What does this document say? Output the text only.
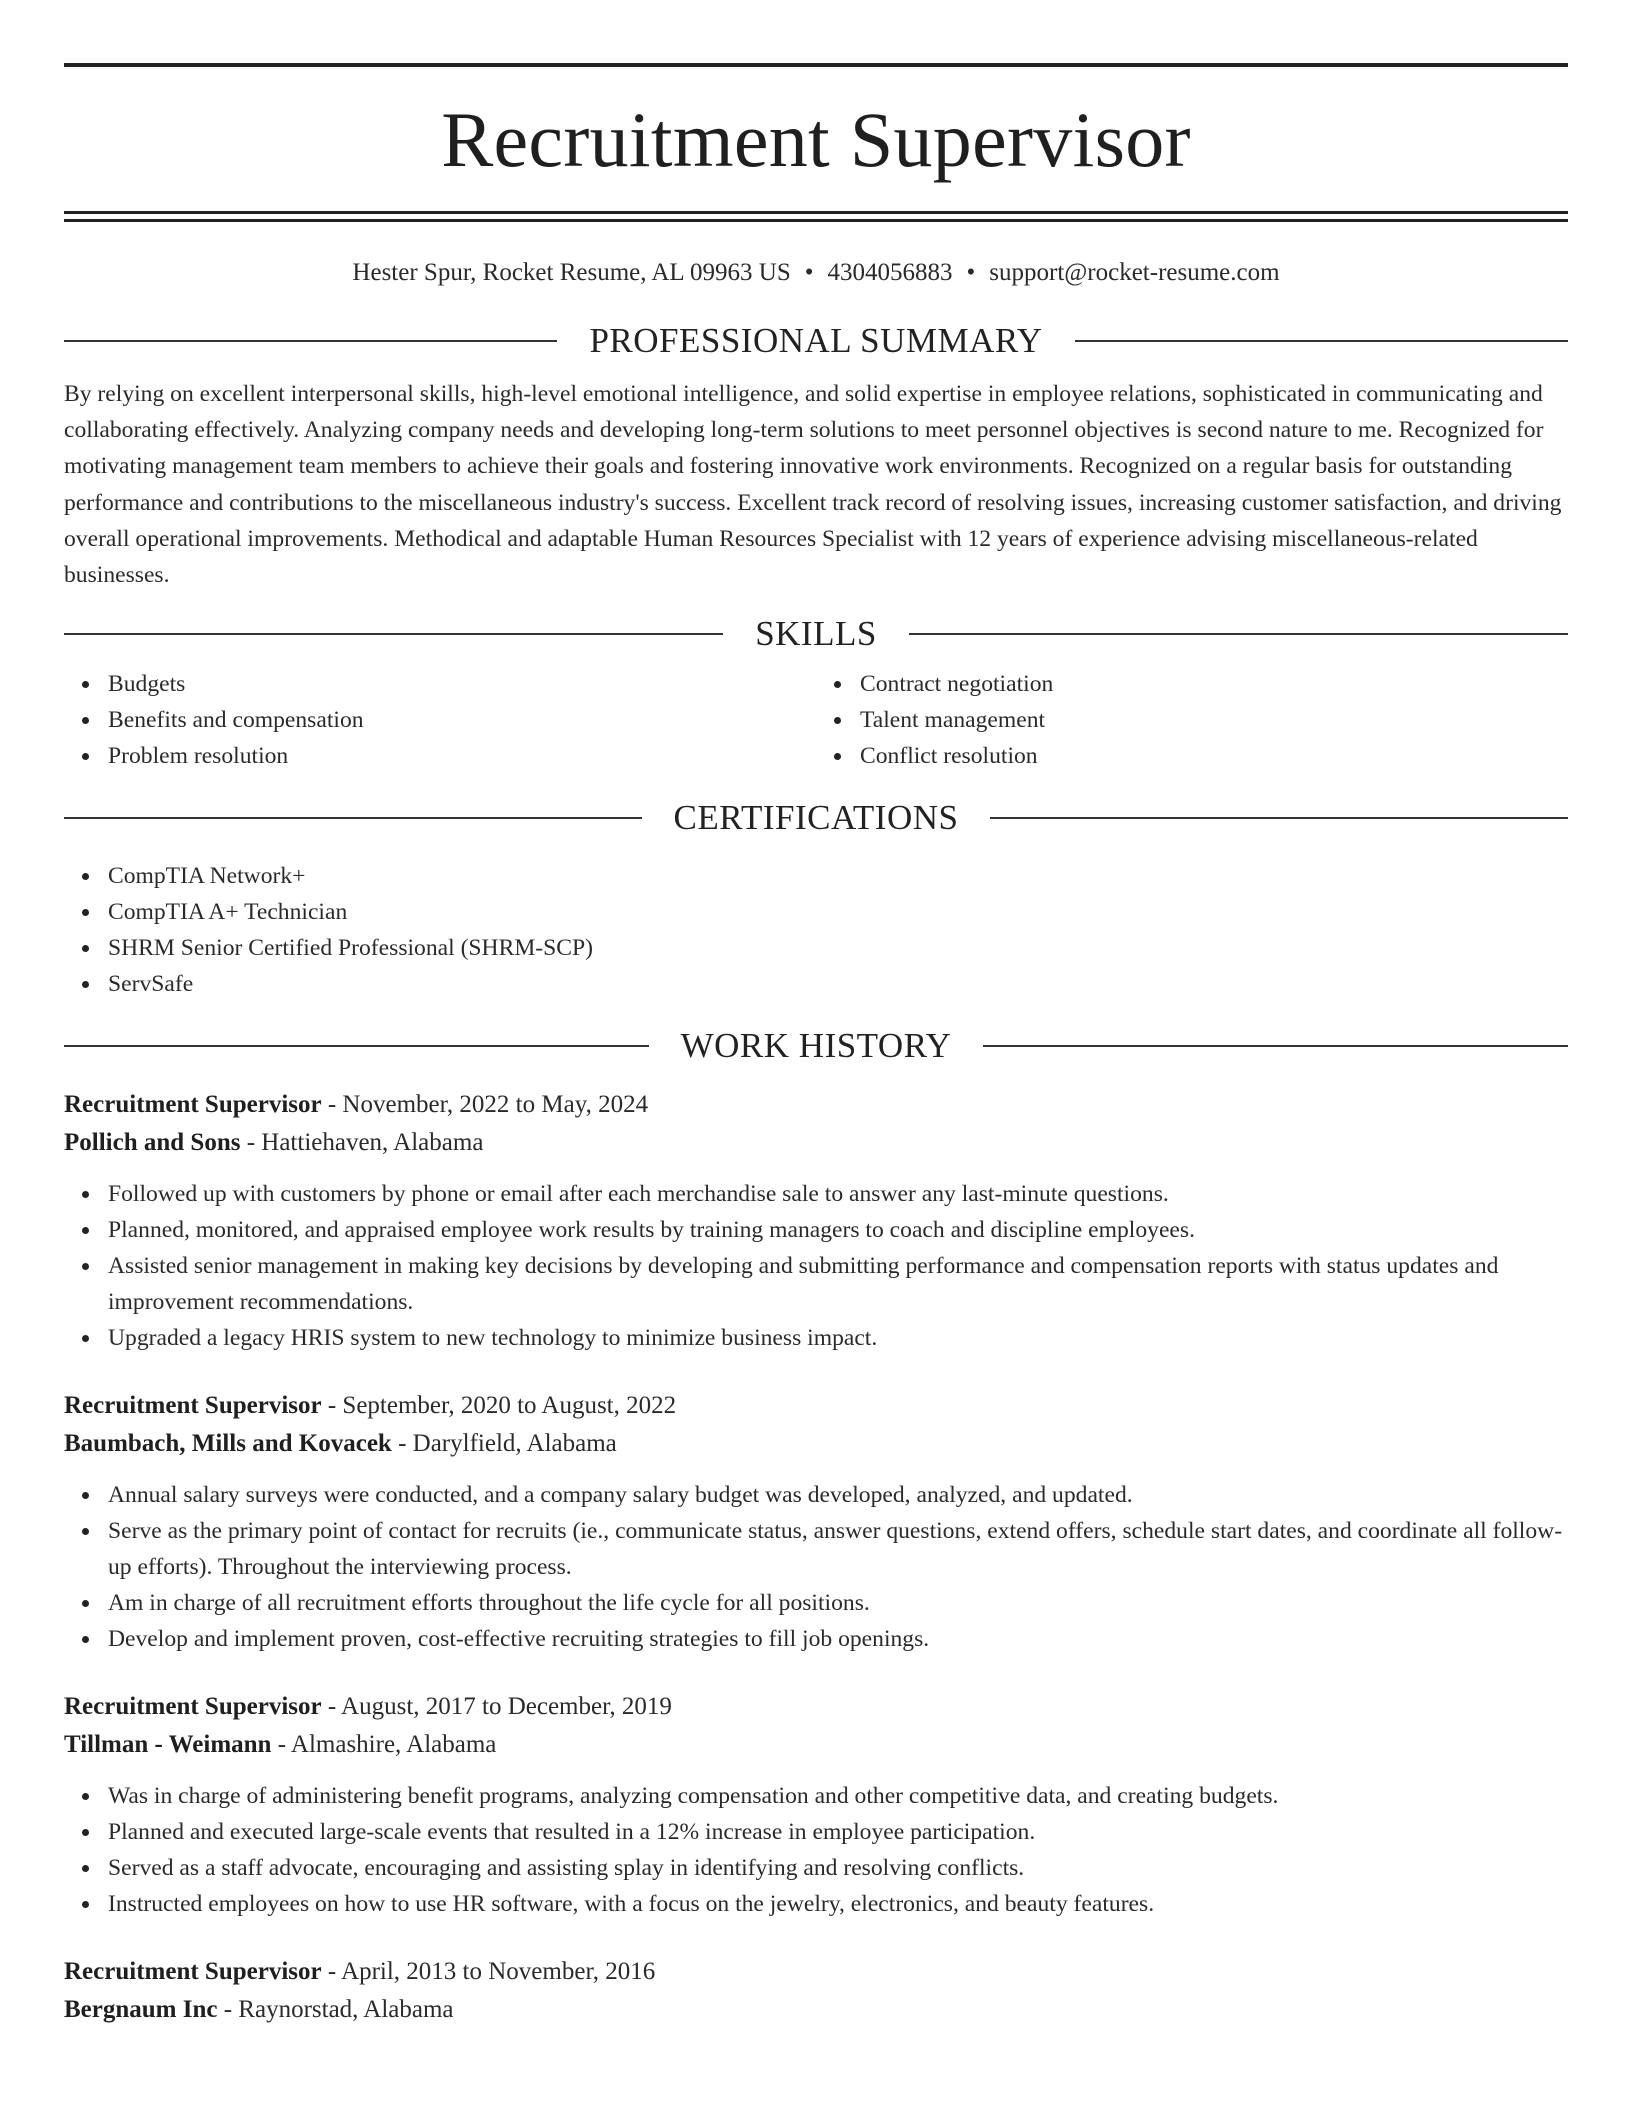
Recruitment Supervisor
Hester Spur, Rocket Resume, AL 09963 US • 4304056883 • support@rocket-resume.com
PROFESSIONAL SUMMARY

By relying on excellent interpersonal skills, high-level emotional intelligence, and solid expertise in employee relations, sophisticated in communicating and collaborating effectively. Analyzing company needs and developing long-term solutions to meet personnel objectives is second nature to me. Recognized for motivating management team members to achieve their goals and fostering innovative work environments. Recognized on a regular basis for outstanding performance and contributions to the miscellaneous industry's success. Excellent track record of resolving issues, increasing customer satisfaction, and driving overall operational improvements. Methodical and adaptable Human Resources Specialist with 12 years of experience advising miscellaneous-related businesses.

SKILLS
Budgets
Benefits and compensation
Problem resolution
Contract negotiation
Talent management
Conflict resolution
CERTIFICATIONS
CompTIA Network+
CompTIA A+ Technician
SHRM Senior Certified Professional (SHRM-SCP)
ServSafe
WORK HISTORY
Recruitment Supervisor - November, 2022 to May, 2024
Pollich and Sons - Hattiehaven, Alabama
Followed up with customers by phone or email after each merchandise sale to answer any last-minute questions.
Planned, monitored, and appraised employee work results by training managers to coach and discipline employees.
Assisted senior management in making key decisions by developing and submitting performance and compensation reports with status updates and improvement recommendations.
Upgraded a legacy HRIS system to new technology to minimize business impact.
Recruitment Supervisor - September, 2020 to August, 2022
Baumbach, Mills and Kovacek - Darylfield, Alabama
Annual salary surveys were conducted, and a company salary budget was developed, analyzed, and updated.
Serve as the primary point of contact for recruits (ie., communicate status, answer questions, extend offers, schedule start dates, and coordinate all follow-up efforts). Throughout the interviewing process.
Am in charge of all recruitment efforts throughout the life cycle for all positions.
Develop and implement proven, cost-effective recruiting strategies to fill job openings.
Recruitment Supervisor - August, 2017 to December, 2019
Tillman - Weimann - Almashire, Alabama
Was in charge of administering benefit programs, analyzing compensation and other competitive data, and creating budgets.
Planned and executed large-scale events that resulted in a 12% increase in employee participation.
Served as a staff advocate, encouraging and assisting splay in identifying and resolving conflicts.
Instructed employees on how to use HR software, with a focus on the jewelry, electronics, and beauty features.
Recruitment Supervisor - April, 2013 to November, 2016
Bergnaum Inc - Raynorstad, Alabama
